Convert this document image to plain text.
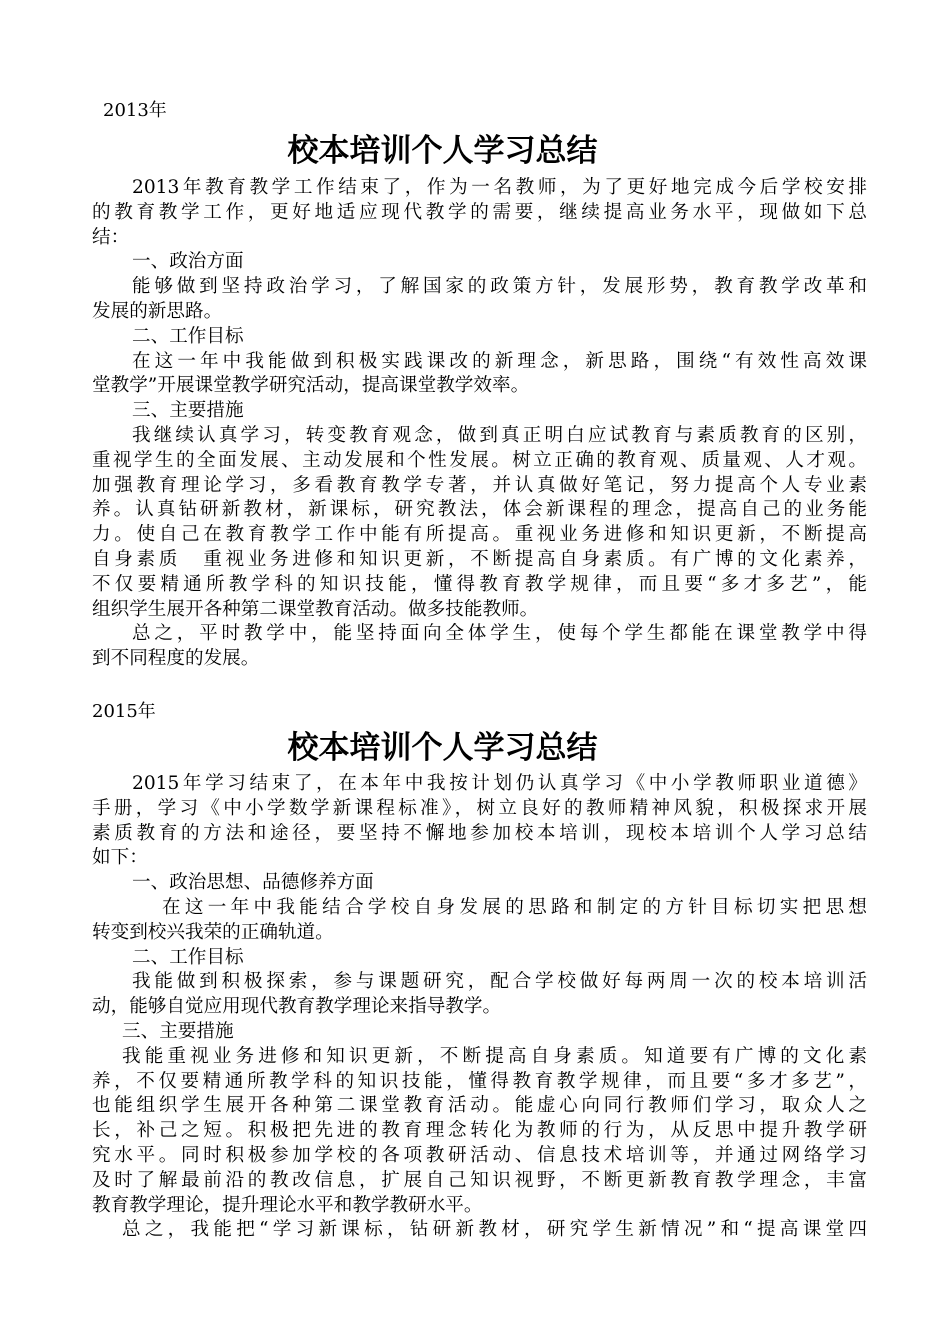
2013年
校本培训个人学习总结
2013年教育教学工作结束了，作为一名教师，为了更好地完成今后学校安排
的教育教学工作，更好地适应现代教学的需要，继续提高业务水平，现做如下总
结：
一、政治方面
能够做到坚持政治学习，了解国家的政策方针，发展形势，教育教学改革和
发展的新思路。
二、工作目标
在这一年中我能做到积极实践课改的新理念，新思路，围绕“有效性高效课
堂教学”开展课堂教学研究活动，提高课堂教学效率。
三、主要措施
我继续认真学习，转变教育观念，做到真正明白应试教育与素质教育的区别，
重视学生的全面发展、主动发展和个性发展。树立正确的教育观、质量观、人才观。
加强教育理论学习，多看教育教学专著，并认真做好笔记，努力提高个人专业素
养。认真钻研新教材，新课标，研究教法，体会新课程的理念，提高自己的业务能
力。使自己在教育教学工作中能有所提高。重视业务进修和知识更新，不断提高
自身素质　重视业务进修和知识更新，不断提高自身素质。有广博的文化素养，
不仅要精通所教学科的知识技能，懂得教育教学规律，而且要“多才多艺”，能
组织学生展开各种第二课堂教育活动。做多技能教师。
总之，平时教学中，能坚持面向全体学生，使每个学生都能在课堂教学中得
到不同程度的发展。
2015年
校本培训个人学习总结
2015年学习结束了，在本年中我按计划仍认真学习《中小学教师职业道德》
手册，学习《中小学数学新课程标准》，树立良好的教师精神风貌，积极探求开展
素质教育的方法和途径，要坚持不懈地参加校本培训，现校本培训个人学习总结
如下：
一、政治思想、品德修养方面
在这一年中我能结合学校自身发展的思路和制定的方针目标切实把思想
转变到校兴我荣的正确轨道。
二、工作目标
我能做到积极探索，参与课题研究，配合学校做好每两周一次的校本培训活
动，能够自觉应用现代教育教学理论来指导教学。
三、主要措施
我能重视业务进修和知识更新，不断提高自身素质。知道要有广博的文化素
养，不仅要精通所教学科的知识技能，懂得教育教学规律，而且要“多才多艺”，
也能组织学生展开各种第二课堂教育活动。能虚心向同行教师们学习，取众人之
长，补己之短。积极把先进的教育理念转化为教师的行为，从反思中提升教学研
究水平。同时积极参加学校的各项教研活动、信息技术培训等，并通过网络学习
及时了解最前沿的教改信息，扩展自己知识视野，不断更新教育教学理念，丰富
教育教学理论，提升理论水平和教学教研水平。
总之，我能把“学习新课标，钻研新教材，研究学生新情况”和“提高课堂四
